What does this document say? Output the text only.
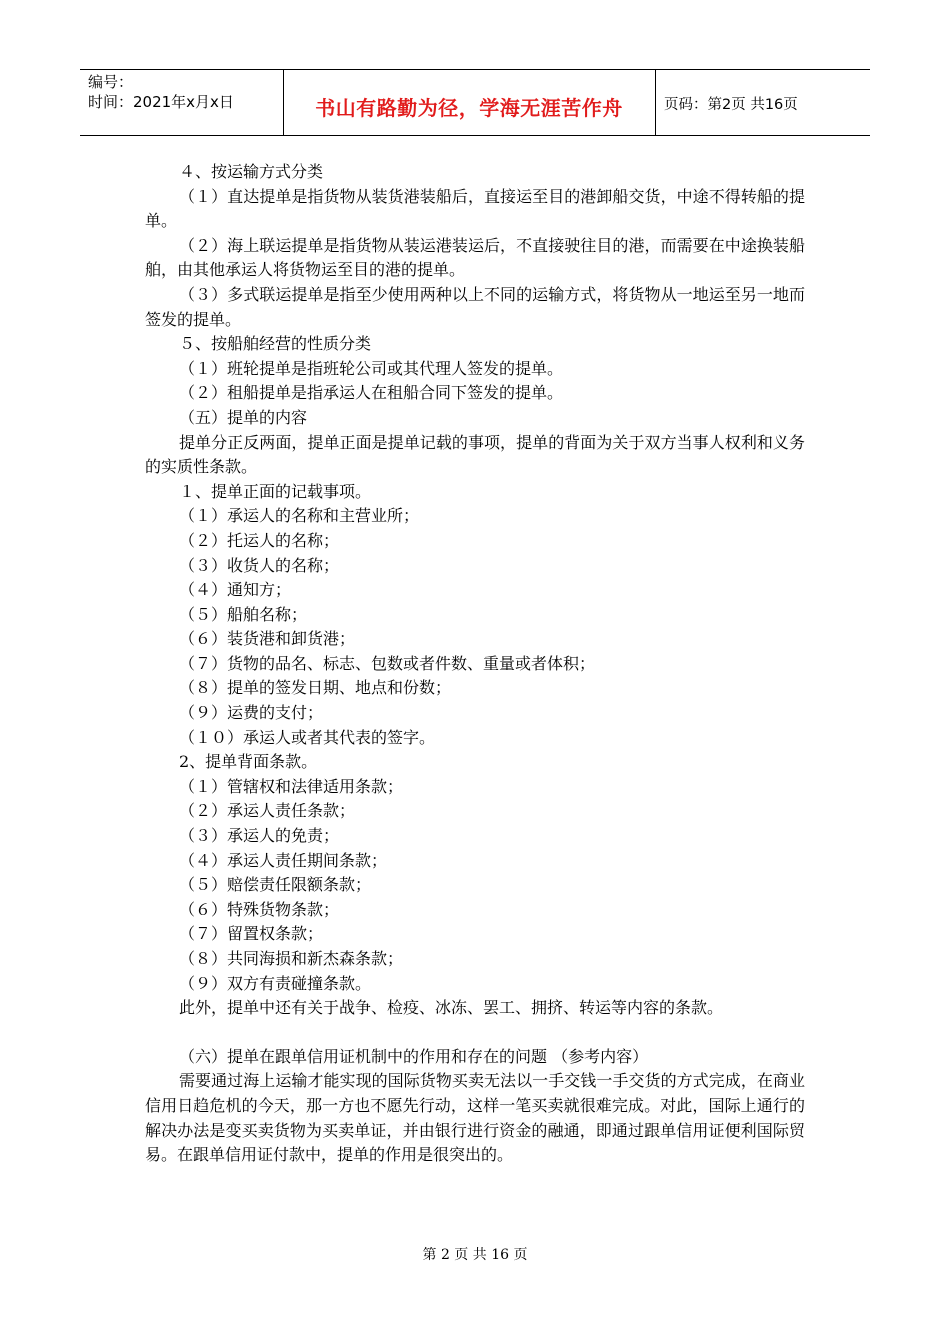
编号：
时间：2021年x月x日	书山有路勤为径，学海无涯苦作舟	页码：第2页 共16页

４、按运输方式分类

（１）直达提单是指货物从装货港装船后，直接运至目的港卸船交货，中途不得转船的提单。

（２）海上联运提单是指货物从装运港装运后，不直接驶往目的港，而需要在中途换装船舶，由其他承运人将货物运至目的港的提单。

（３）多式联运提单是指至少使用两种以上不同的运输方式，将货物从一地运至另一地而签发的提单。

５、按船舶经营的性质分类

（１）班轮提单是指班轮公司或其代理人签发的提单。

（２）租船提单是指承运人在租船合同下签发的提单。

（五）提单的内容

提单分正反两面，提单正面是提单记载的事项，提单的背面为关于双方当事人权利和义务的实质性条款。

１、提单正面的记载事项。

（１）承运人的名称和主营业所；

（２）托运人的名称；

（３）收货人的名称；

（４）通知方；

（５）船舶名称；

（６）装货港和卸货港；

（７）货物的品名、标志、包数或者件数、重量或者体积；

（８）提单的签发日期、地点和份数；

（９）运费的支付；

（１０）承运人或者其代表的签字。

2、提单背面条款。

（１）管辖权和法律适用条款；

（２）承运人责任条款；

（３）承运人的免责；

（４）承运人责任期间条款；

（５）赔偿责任限额条款；

（６）特殊货物条款；

（７）留置权条款；

（８）共同海损和新杰森条款；

（９）双方有责碰撞条款。

此外，提单中还有关于战争、检疫、冰冻、罢工、拥挤、转运等内容的条款。

（六）提单在跟单信用证机制中的作用和存在的问题 （参考内容）

需要通过海上运输才能实现的国际货物买卖无法以一手交钱一手交货的方式完成，在商业信用日趋危机的今天，那一方也不愿先行动，这样一笔买卖就很难完成。对此，国际上通行的解决办法是变买卖货物为买卖单证，并由银行进行资金的融通，即通过跟单信用证便利国际贸易。在跟单信用证付款中，提单的作用是很突出的。

第 2 页 共 16 页
